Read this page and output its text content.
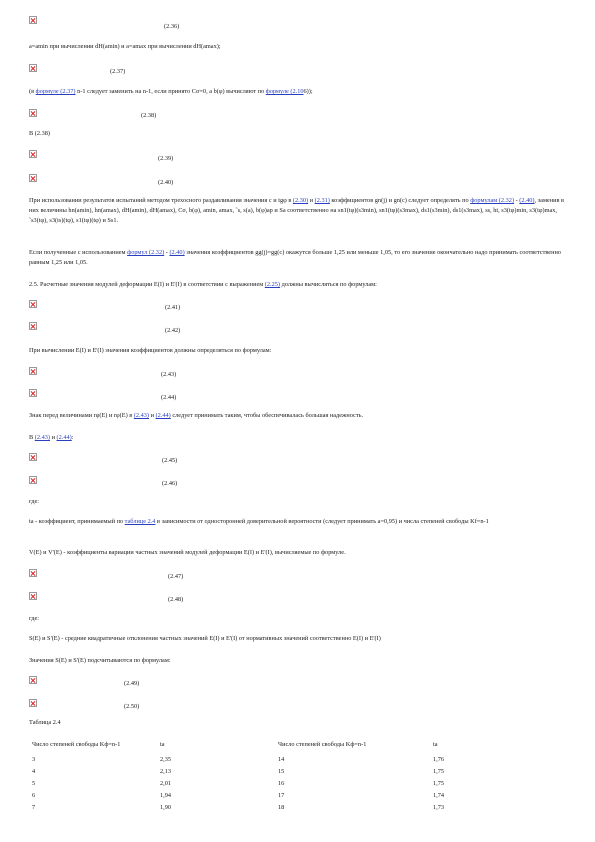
(2.36)
a=amin при вычислении dH(amin) и a=amax при вычислении dH(amax);
(2.37)
(в формуле (2.37) n-1 следует заменить на n-1, если принято Cσ=0, а b(φ) вычисляют по формуле (2.106));
(2.38)
В (2.38)
(2.39)
(2.40)
При использовании результатов испытаний методом трехосного раздавливания значения с и tgφ в (2.30) и (2.31) коэффициентов gn(j) и gn(c) следует определять по формулам (2.32) - (2.40), заменив в них величины hn(amin), hn(amax), dH(amin), dH(amax), Cσ, b(φ), amin, amax, ˜s, s(a), b(φ)ap и Sa соответственно на sn1(tφ)(s3min), sn1(tφ)(s3max), ds1(s3min), ds1(s3max), ss, ht, s3(tφ)min, s3(tφ)max, ˜s3(tφ), s3(ts)(tφ), s1(tφ)(tφ) и Ss1.
Если полученные с использованием формул (2.32) - (2.40) значения коэффициентов gg(j)=gg(c) окажутся больше 1,25 или меньше 1,05, то его значение окончательно надо принимать соответственно равным 1,25 или 1,05.
2.5. Расчетные значения модулей деформации E(I) и E'(I) в соответствии с выражением (2.25) должны вычисляться по формулам:
(2.41)
(2.42)
При вычислении E(I) и E'(I) значения коэффициентов должны определяться по формулам:
(2.43)
(2.44)
Знак перед величинами rφ(E) и rφ(E) в (2.43) и (2.44) следует принимать таким, чтобы обеспечивалась большая надежность.
В (2.43) и (2.44):
(2.45)
(2.46)
где:
ta - коэффициент, принимаемый по таблице 2.4 в зависимости от односторонней доверительной вероятности (следует принимать a=0,95) и числа степеней свободы Kf=n-1
V(E) и V'(E) - коэффициенты вариации частных значений модулей деформации E(I) и E'(I), вычисляемые по формуле.
(2.47)
(2.48)
где:
S(E) и S'(E) - средние квадратичные отклонения частных значений E(I) и E'(I) от нормативных значений соответственно E(I) и E'(I)
Значения S(E) и S'(E) подсчитываются по формулам:
(2.49)
(2.50)
Таблица 2.4
Число степеней свободы Kф=n-1	ta	Число степеней свободы Kф=n-1	ta
3	2,35	14	1,76
4	2,13	15	1,75
5	2,01	16	1,75
6	1,94	17	1,74
7	1,90	18	1,73
